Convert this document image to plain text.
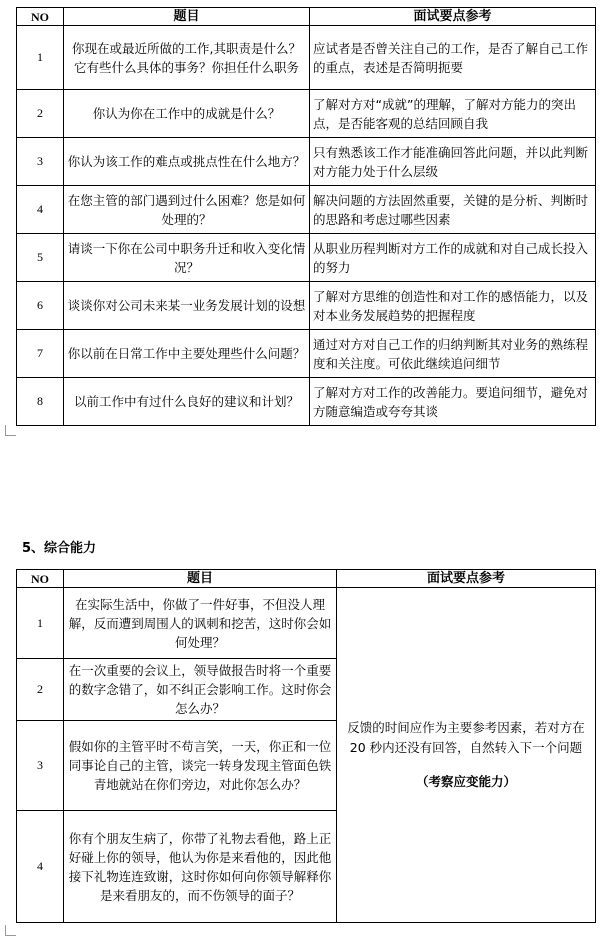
NO	题目	面试要点参考
1	你现在或最近所做的工作,其职责是什么？它有些什么具体的事务？你担任什么职务	应试者是否曾关注自己的工作，是否了解自己工作的重点，表述是否简明扼要
2	你认为你在工作中的成就是什么？	了解对方对“成就”的理解，了解对方能力的突出点，是否能客观的总结回顾自我
3	你认为该工作的难点或挑点性在什么地方？	只有熟悉该工作才能准确回答此问题，并以此判断对方能力处于什么层级
4	在您主管的部门遇到过什么困难？您是如何处理的？	解决问题的方法固然重要，关键的是分析、判断时的思路和考虑过哪些因素
5	请谈一下你在公司中职务升迁和收入变化情况？	从职业历程判断对方工作的成就和对自己成长投入的努力
6	谈谈你对公司未来某一业务发展计划的设想	了解对方思维的创造性和对工作的感悟能力，以及对本业务发展趋势的把握程度
7	你以前在日常工作中主要处理些什么问题？	通过对方对自己工作的归纳判断其对业务的熟练程度和关注度。可依此继续追问细节
8	以前工作中有过什么良好的建议和计划？	了解对方对工作的改善能力。要追问细节，避免对方随意编造或夸夸其谈
5、综合能力
NO	题目	面试要点参考
1	在实际生活中，你做了一件好事，不但没人理解，反而遭到周围人的讽刺和挖苦，这时你会如何处理？	反馈的时间应作为主要参考因素，若对方在 20 秒内还没有回答，自然转入下一个问题
（考察应变能力）

2	在一次重要的会议上，领导做报告时将一个重要的数字念错了，如不纠正会影响工作。这时你会怎么办？	
3	假如你的主管平时不苟言笑，一天，你正和一位同事论自己的主管，谈完一转身发现主管面色铁青地就站在你们旁边，对此你怎么办？	
4	你有个朋友生病了，你带了礼物去看他，路上正好碰上你的领导，他认为你是来看他的，因此他接下礼物连连致谢，这时你如何向你领导解释你是来看朋友的，而不伤领导的面子？	
